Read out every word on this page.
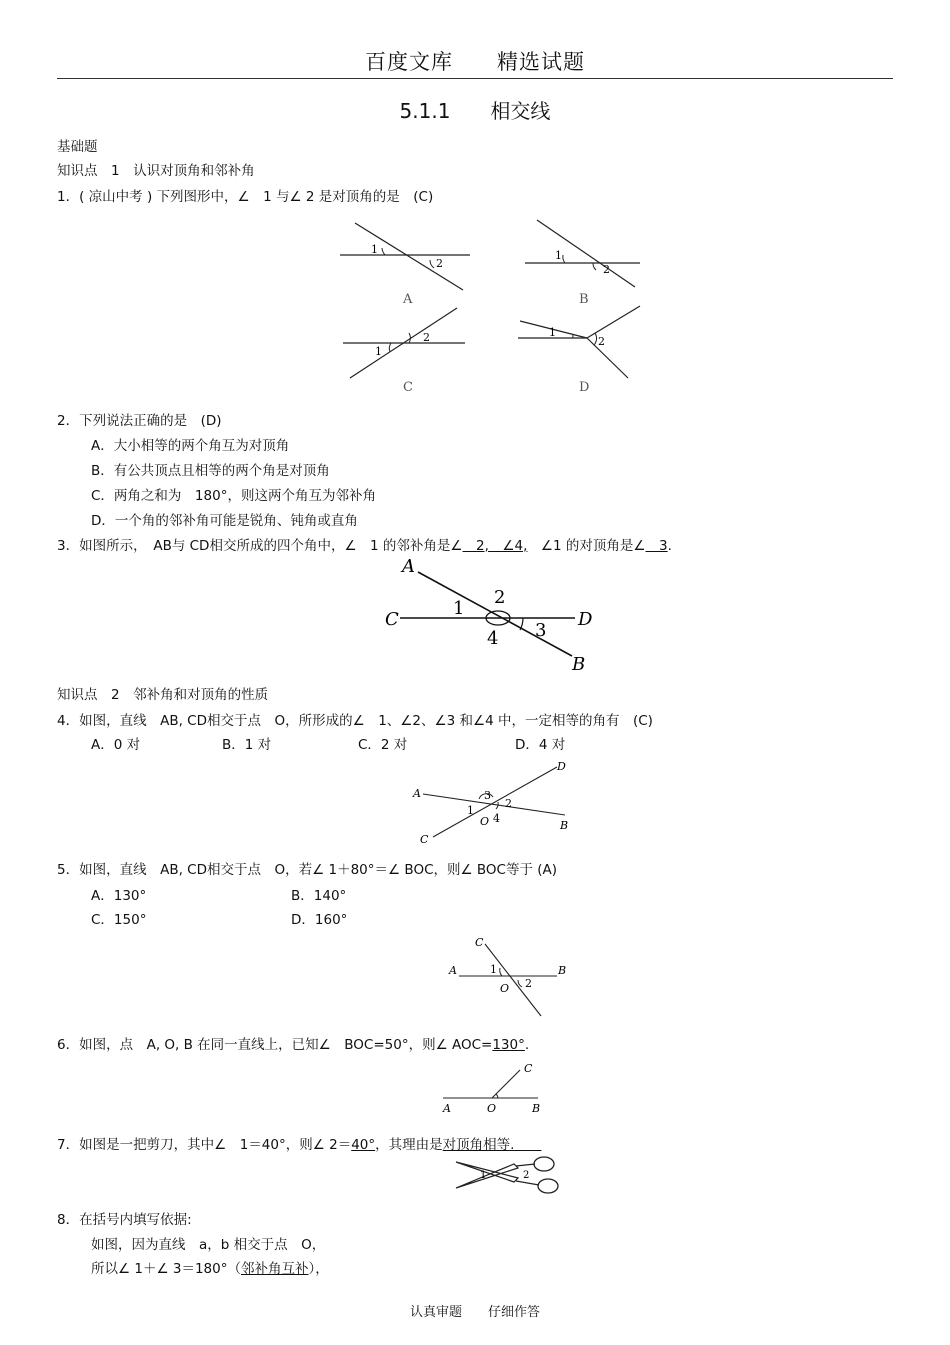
百度文库　　精选试题
5.1.1　　相交线
基础题
知识点　1　认识对顶角和邻补角
1．( 凉山中考 ) 下列图形中，∠　1 与∠ 2 是对顶角的是　(C)
1
2
A
1
2
B
1
2
C
1
2
D
2．下列说法正确的是　(D)
A．大小相等的两个角互为对顶角
B．有公共顶点且相等的两个角是对顶角
C．两角之和为　180°，则这两个角互为邻补角
D．一个角的邻补角可能是锐角、钝角或直角
3．如图所示，　AB与 CD相交所成的四个角中，∠　1 的邻补角是∠　2,　∠4,　∠1 的对顶角是∠　3.
A
B
C	D
1
2
3
4
知识点　2　邻补角和对顶角的性质
4．如图，直线　AB, CD相交于点　O，所形成的∠　1、∠2、∠3 和∠4 中，一定相等的角有　(C)
A．0 对	B．1 对	C．2 对	D．4 对
A
B
C
D
O
1
2
3
4
5．如图，直线　AB, CD相交于点　O，若∠ 1＋80°＝∠ BOC，则∠ BOC等于 (A)
A．130°	B．140°
C．150°	D．160°
A	B
C
O
1
2
6．如图，点　A, O, B 在同一直线上，已知∠　BOC=50°，则∠ AOC=130°.
A	O	B
C
7．如图是一把剪刀，其中∠　1＝40°，则∠ 2＝40°，其理由是对顶角相等.　　
1	2
8．在括号内填写依据:
如图，因为直线　a，b 相交于点　O，
所以∠ 1＋∠ 3＝180°（邻补角互补），
认真审题　　仔细作答
